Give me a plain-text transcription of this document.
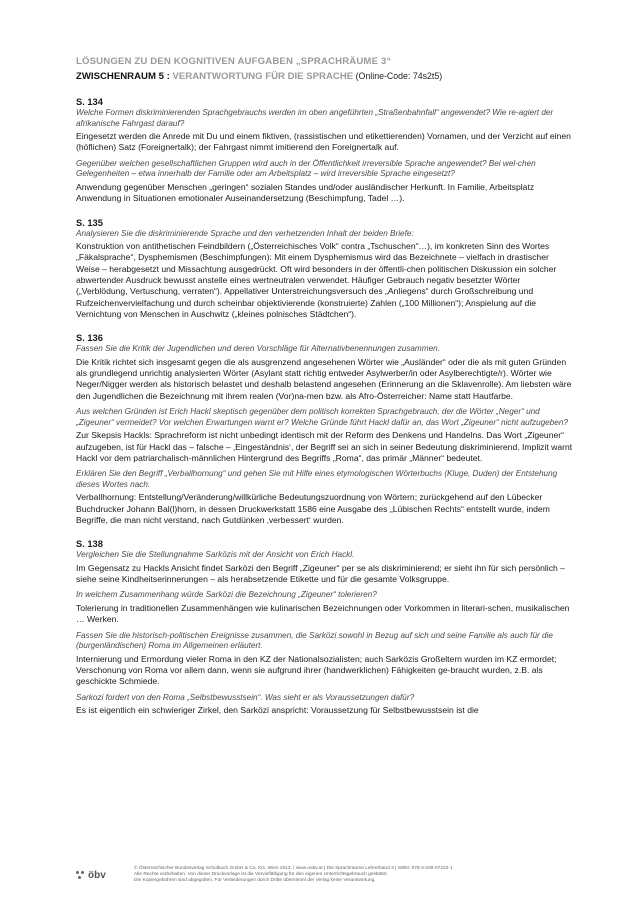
LÖSUNGEN ZU DEN KOGNITIVEN AUFGABEN „SPRACHRÄUME 3“

ZWISCHENRAUM 5 : VERANTWORTUNG FÜR DIE SPRACHE (Online-Code: 74s2t5)

S. 134

Welche Formen diskriminierenden Sprachgebrauchs werden im oben angeführten „Straßenbahnfall“ angewendet? Wie re-agiert der afrikanische Fahrgast darauf?

Eingesetzt werden die Anrede mit Du und einem fiktiven, (rassistischen und etikettierenden) Vornamen, und der Verzicht auf einen (höflichen) Satz (Foreignertalk); der Fahrgast nimmt imitierend den Foreignertalk auf.

Gegenüber welchen gesellschaftlichen Gruppen wird auch in der Öffentlichkeit irreversible Sprache angewendet? Bei wel-chen Gelegenheiten – etwa innerhalb der Familie oder am Arbeitsplatz – wird irreversible Sprache eingesetzt?

Anwendung gegenüber Menschen „geringen“ sozialen Standes und/oder ausländischer Herkunft. In Familie, Arbeitsplatz Anwendung in Situationen emotionaler Auseinandersetzung (Beschimpfung, Tadel …).

S. 135

Analysieren Sie die diskriminierende Sprache und den verhetzenden Inhalt der beiden Briefe:

Konstruktion von antithetischen Feindbildern („Österreichisches Volk“ contra „Tschuschen“…), im konkreten Sinn des Wortes „Fäkalsprache“, Dysphemismen (Beschimpfungen): Mit einem Dysphemismus wird das Bezeichnete – vielfach in drastischer Weise – herabgesetzt und Missachtung ausgedrückt. Oft wird besonders in der öffentli-chen politischen Diskussion ein solcher abwertender Ausdruck bewusst anstelle eines wertneutralen verwendet. Häufiger Gebrauch negativ besetzter Wörter („Verblödung, Vertuschung, verraten“). Appellativer Unterstreichungsversuch des „Anliegens“ durch Großschreibung und Rufzeichenvervielfachung und durch scheinbar objektivierende (konstruierte) Zahlen („100 Millionen“); Anspielung auf die Vernichtung von Menschen in Auschwitz („kleines polnisches Städtchen“).

S. 136

Fassen Sie die Kritik der Jugendlichen und deren Vorschläge für Alternativbenennungen zusammen.

Die Kritik richtet sich insgesamt gegen die als ausgrenzend angesehenen Wörter wie „Ausländer“ oder die als mit guten Gründen als grundlegend unrichtig analysierten Wörter (Asylant statt richtig entweder Asylwerber/in oder Asylberechtigte/r). Wörter wie Neger/Nigger werden als historisch belastet und deshalb belastend angesehen (Erinnerung an die Sklavenrolle). Am liebsten wäre den Jugendlichen die Bezeichnung mit ihrem realen (Vor)na-men bzw. als Afro-Österreicher: Name statt Hautfarbe.

Aus welchen Gründen ist Erich Hackl skeptisch gegenüber dem politisch korrekten Sprachgebrauch, der die Wörter „Neger“ und „Zigeuner“ vermeidet? Vor welchen Erwartungen warnt er? Welche Gründe führt Hackl dafür an, das Wort „Zigeuner“ nicht aufzugeben?

Zur Skepsis Hackls: Sprachreform ist nicht unbedingt identisch mit der Reform des Denkens und Handelns. Das Wort „Zigeuner“ aufzugeben, ist für Hackl das – falsche – ‚Eingeständnis‘, der Begriff sei an sich in seiner Bedeutung diskriminierend. Implizit warnt Hackl vor dem patriarchalisch-männlichen Hintergrund des Begriffs „Roma“, das primär „Männer“ bedeutet.

Erklären Sie den Begriff „Verballhornung“ und gehen Sie mit Hilfe eines etymologischen Wörterbuchs (Kluge, Duden) der Entstehung dieses Wortes nach.

Verballhornung: Entstellung/Veränderung/willkürliche Bedeutungszuordnung von Wörtern; zurückgehend auf den Lübecker Buchdrucker Johann Bal(l)horn, in dessen Druckwerkstatt 1586 eine Ausgabe des „Lübischen Rechts“ entstellt wurde, indem Begriffe, die man nicht verstand, nach Gutdünken ‚verbessert‘ wurden.

S. 138

Vergleichen Sie die Stellungnahme Sarközis mit der Ansicht von Erich Hackl.

Im Gegensatz zu Hackls Ansicht findet Sarközi den Begriff „Zigeuner“ per se als diskriminierend; er sieht ihn für sich persönlich – siehe seine Kindheitserinnerungen – als herabsetzende Etikette und für die gesamte Volksgruppe.

In welchem Zusammenhang würde Sarközi die Bezeichnung „Zigeuner“ tolerieren?

Tolerierung in traditionellen Zusammenhängen wie kulinarischen Bezeichnungen oder Vorkommen in literari-schen, musikalischen … Werken.

Fassen Sie die historisch-politischen Ereignisse zusammen, die Sarközi sowohl in Bezug auf sich und seine Familie als auch für die (burgenländischen) Roma im Allgemeinen erläutert.

Internierung und Ermordung vieler Roma in den KZ der Nationalsozialisten; auch Sarközis Großeltern wurden im KZ ermordet; Verschonung von Roma vor allem dann, wenn sie aufgrund ihrer (handwerklichen) Fähigkeiten ge-braucht wurden, z.B. als geschickte Schmiede.

Sarkozi fordert von den Roma „Selbstbewusstsein“. Was sieht er als Voraussetzungen dafür?

Es ist eigentlich ein schwieriger Zirkel, den Sarközi anspricht: Voraussetzung für Selbstbewusstsein ist die

öbv
© Österreichischer Bundesverlag Schulbuch GmbH & Co. KG, Wien 2013. | www.oebv.at | Die Sprachräume Lehrerband 3 | ISBN: 978-3-209-07222-1
Alle Rechte vorbehalten. Von dieser Druckvorlage ist die Vervielfältigung für den eigenen Unterrichtsgebrauch gestattet.
Die Kopiergebühren sind abgegolten. Für Veränderungen durch Dritte übernimmt der Verlag keine Verantwortung.
